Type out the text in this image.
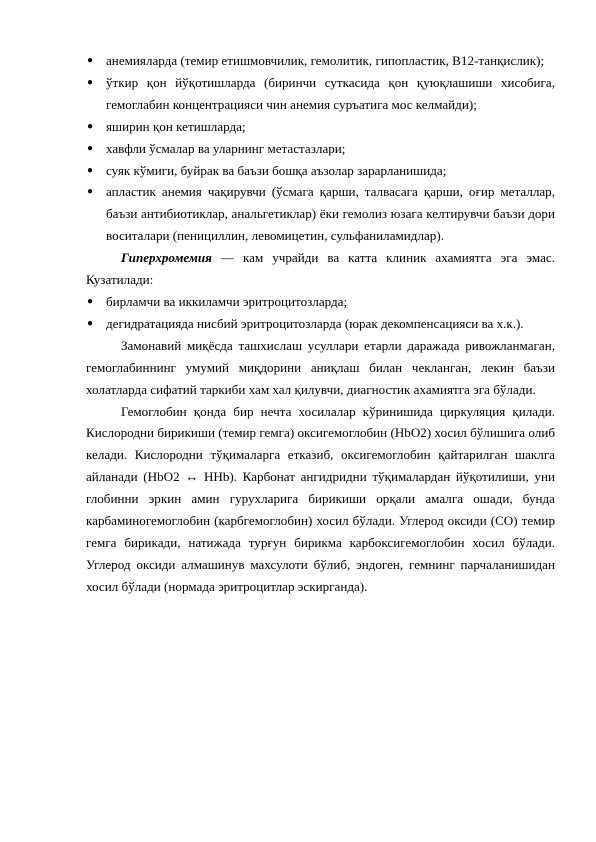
● анемияларда (темир етишмовчилик, гемолитик, гипопластик, В12-танқислик);
● ўткир қон йўқотишларда (биринчи суткасида қон қуюқлашиши хисобига, гемоглабин концентрацияси чин анемия суръатига мос келмайди);
● яширин қон кетишларда;
● хавфли ўсмалар ва уларнинг метастазлари;
● суяк кўмиги, буйрак ва баъзи бошқа аъзолар зарарланишида;
● апластик анемия чақирувчи (ўсмага қарши, талвасага қарши, оғир металлар, баъзи антибиотиклар, анальгетиклар) ёки гемолиз юзага келтирувчи баъзи дори воситалари (пенициллин, левомицетин, сульфаниламидлар).

Гиперхромемия — кам учрайди ва катта клиник ахамиятга эга эмас. Кузатилади:

● бирламчи ва иккиламчи эритроцитозларда;
● дегидратацияда нисбий эритроцитозларда (юрак декомпенсацияси ва х.к.).

Замонавий миқёсда ташхислаш усуллари етарли даражада ривожланмаган, гемоглабиннинг умумий миқдорини аниқлаш билан чекланган, лекин баъзи холатларда сифатий таркиби хам хал қилувчи, диагностик ахамиятга эга бўлади.

Гемоглобин қонда бир нечта хосилалар кўринишида циркуляция қилади. Кислородни бирикиши (темир гемга) оксигемоглобин (HbO2) хосил бўлишига олиб келади. Кислородни тўқималарга етказиб, оксигемоглобин қайтарилган шаклга айланади (HbO2 ↔ HHb). Карбонат ангидридни тўқималардан йўқотилиши, уни глобинни эркин амин гурухларига бирикиши орқали амалга ошади, бунда карбаминогемоглобин (карбгемоглобин) хосил бўлади. Углерод оксиди (CO) темир гемга бирикади, натижада турғун бирикма карбоксигемоглобин хосил бўлади. Углерод оксиди алмашинув махсулоти бўлиб, эндоген, гемнинг парчаланишидан хосил бўлади (нормада эритроцитлар эскирганда).
